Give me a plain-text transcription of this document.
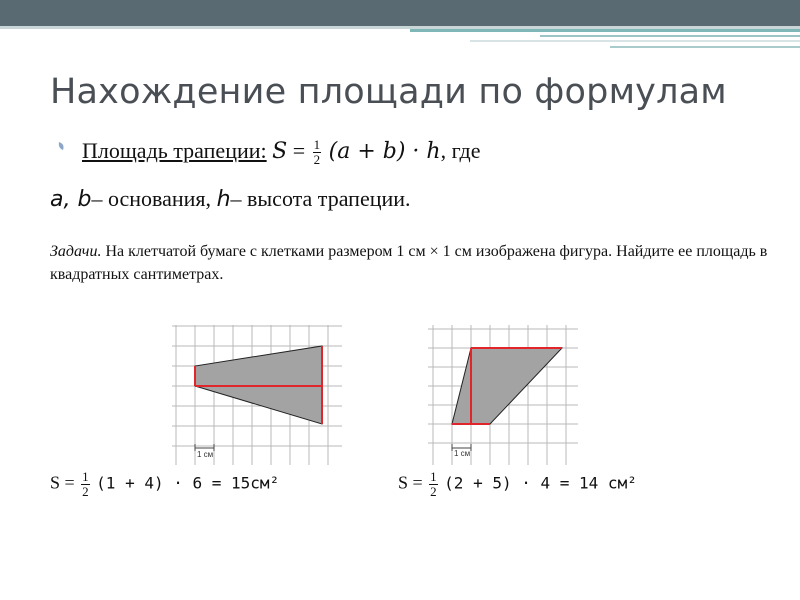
Нахождение площади по формулам
Площадь трапеции: $S = \frac{1}{2} (a + b) \cdot h$, где
a, b– основания, h– высота трапеции.
Задачи. На клетчатой бумаге с клетками размером 1 см × 1 см изображена фигура. Найдите ее площадь в квадратных сантиметрах.
1 см	1 см
$S = \frac{1}{2} (1 + 4) \cdot 6 = 15см^2$	$S = \frac{1}{2} (2 + 5) \cdot 4 = 14$ см²
